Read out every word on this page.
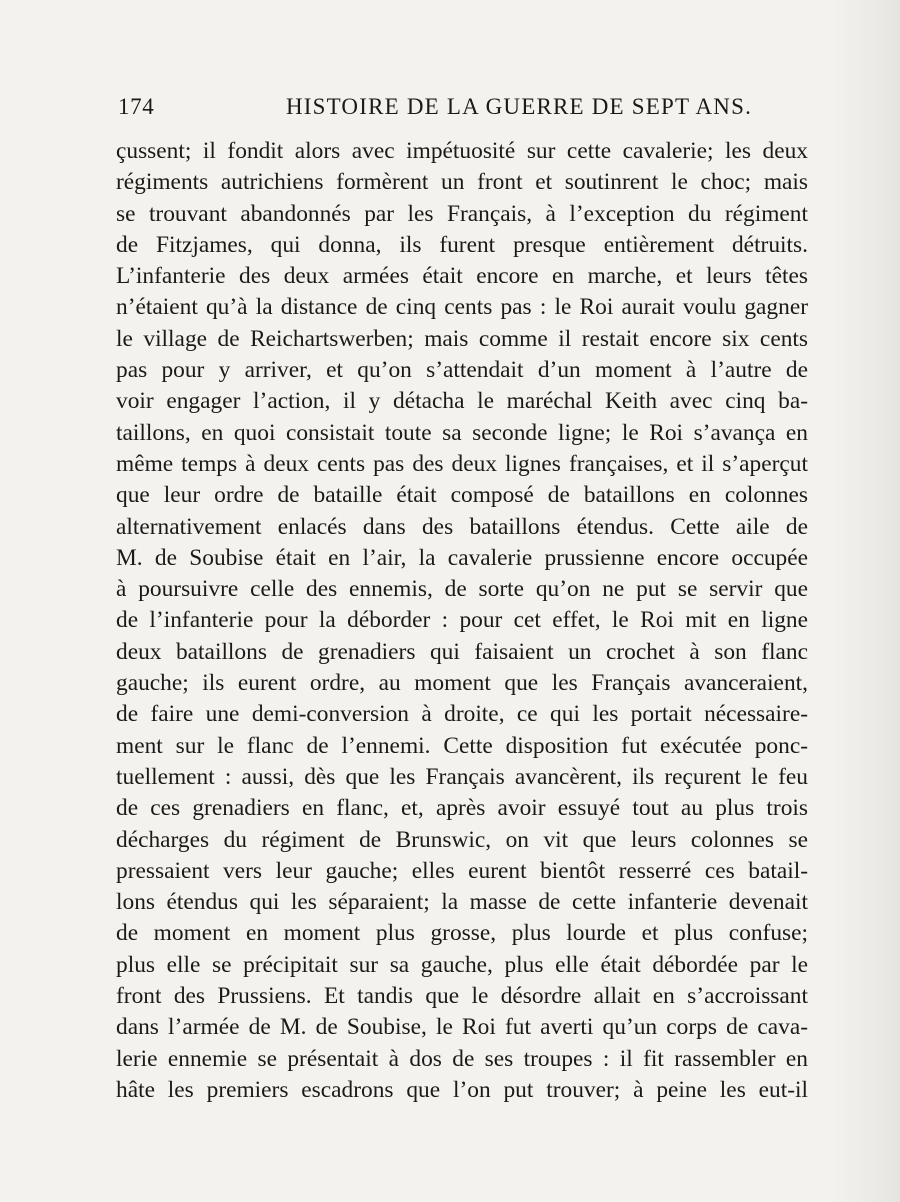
174	HISTOIRE DE LA GUERRE DE SEPT ANS.
çussent; il fondit alors avec impétuosité sur cette cavalerie; les deux
régiments autrichiens formèrent un front et soutinrent le choc; mais
se trouvant abandonnés par les Français, à l’exception du régiment
de Fitzjames, qui donna, ils furent presque entièrement détruits.
L’infanterie des deux armées était encore en marche, et leurs têtes
n’étaient qu’à la distance de cinq cents pas : le Roi aurait voulu gagner
le village de Reichartswerben; mais comme il restait encore six cents
pas pour y arriver, et qu’on s’attendait d’un moment à l’autre de
voir engager l’action, il y détacha le maréchal Keith avec cinq ba-
taillons, en quoi consistait toute sa seconde ligne; le Roi s’avança en
même temps à deux cents pas des deux lignes françaises, et il s’aperçut
que leur ordre de bataille était composé de bataillons en colonnes
alternativement enlacés dans des bataillons étendus. Cette aile de
M. de Soubise était en l’air, la cavalerie prussienne encore occupée
à poursuivre celle des ennemis, de sorte qu’on ne put se servir que
de l’infanterie pour la déborder : pour cet effet, le Roi mit en ligne
deux bataillons de grenadiers qui faisaient un crochet à son flanc
gauche; ils eurent ordre, au moment que les Français avanceraient,
de faire une demi-conversion à droite, ce qui les portait nécessaire-
ment sur le flanc de l’ennemi. Cette disposition fut exécutée ponc-
tuellement : aussi, dès que les Français avancèrent, ils reçurent le feu
de ces grenadiers en flanc, et, après avoir essuyé tout au plus trois
décharges du régiment de Brunswic, on vit que leurs colonnes se
pressaient vers leur gauche; elles eurent bientôt resserré ces batail-
lons étendus qui les séparaient; la masse de cette infanterie devenait
de moment en moment plus grosse, plus lourde et plus confuse;
plus elle se précipitait sur sa gauche, plus elle était débordée par le
front des Prussiens. Et tandis que le désordre allait en s’accroissant
dans l’armée de M. de Soubise, le Roi fut averti qu’un corps de cava-
lerie ennemie se présentait à dos de ses troupes : il fit rassembler en
hâte les premiers escadrons que l’on put trouver; à peine les eut-il
